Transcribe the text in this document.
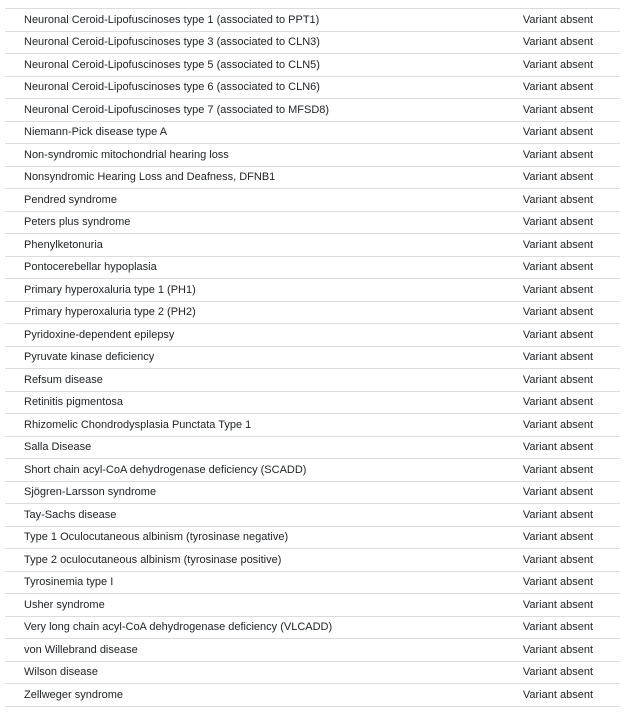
Neuronal Ceroid-Lipofuscinoses type 1 (associated to PPT1)	Variant absent
Neuronal Ceroid-Lipofuscinoses type 3 (associated to CLN3)	Variant absent
Neuronal Ceroid-Lipofuscinoses type 5 (associated to CLN5)	Variant absent
Neuronal Ceroid-Lipofuscinoses type 6 (associated to CLN6)	Variant absent
Neuronal Ceroid-Lipofuscinoses type 7 (associated to MFSD8)	Variant absent
Niemann-Pick disease type A	Variant absent
Non-syndromic mitochondrial hearing loss	Variant absent
Nonsyndromic Hearing Loss and Deafness, DFNB1	Variant absent
Pendred syndrome	Variant absent
Peters plus syndrome	Variant absent
Phenylketonuria	Variant absent
Pontocerebellar hypoplasia	Variant absent
Primary hyperoxaluria type 1 (PH1)	Variant absent
Primary hyperoxaluria type 2 (PH2)	Variant absent
Pyridoxine-dependent epilepsy	Variant absent
Pyruvate kinase deficiency	Variant absent
Refsum disease	Variant absent
Retinitis pigmentosa	Variant absent
Rhizomelic Chondrodysplasia Punctata Type 1	Variant absent
Salla Disease	Variant absent
Short chain acyl-CoA dehydrogenase deficiency (SCADD)	Variant absent
Sjögren-Larsson syndrome	Variant absent
Tay-Sachs disease	Variant absent
Type 1 Oculocutaneous albinism (tyrosinase negative)	Variant absent
Type 2 oculocutaneous albinism (tyrosinase positive)	Variant absent
Tyrosinemia type I	Variant absent
Usher syndrome	Variant absent
Very long chain acyl-CoA dehydrogenase deficiency (VLCADD)	Variant absent
von Willebrand disease	Variant absent
Wilson disease	Variant absent
Zellweger syndrome	Variant absent
